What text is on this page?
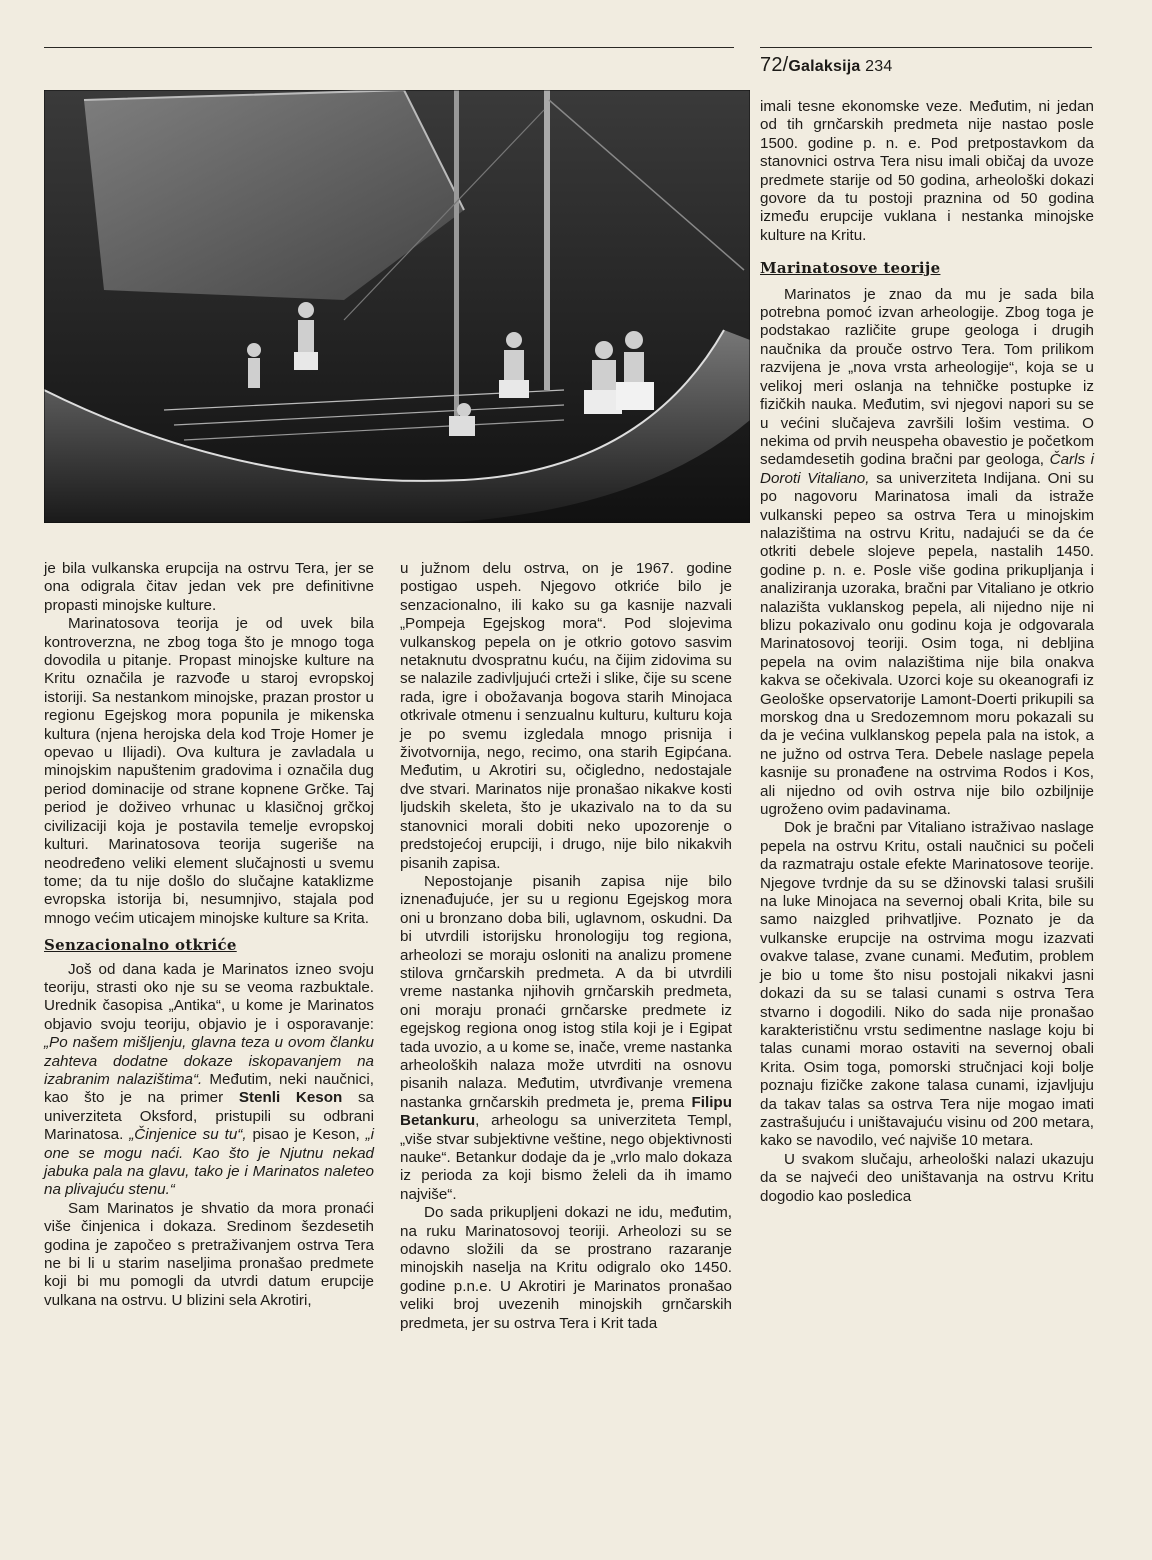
72/Galaksija 234

je bila vulkanska erupcija na ostrvu Tera, jer se ona odigrala čitav jedan vek pre definitivne propasti minojske kulture.

Marinatosova teorija je od uvek bila kontroverzna, ne zbog toga što je mnogo toga dovodila u pitanje. Propast minojske kulture na Kritu označila je razvođe u staroj evropskoj istoriji. Sa nestankom minojske, prazan prostor u regionu Egejskog mora popunila je mikenska kultura (njena herojska dela kod Troje Homer je opevao u Ilijadi). Ova kultura je zavladala u minojskim napuštenim gradovima i označila dug period dominacije od strane kopnene Grčke. Taj period je doživeo vrhunac u klasičnoj grčkoj civilizaciji koja je postavila temelje evropskoj kulturi. Marinatosova teorija sugeriše na neodređeno veliki element slučajnosti u svemu tome; da tu nije došlo do slučajne kataklizme evropska istorija bi, nesumnjivo, stajala pod mnogo većim uticajem minojske kulture sa Krita.

Senzacionalno otkriće

Još od dana kada je Marinatos izneo svoju teoriju, strasti oko nje su se veoma razbuktale. Urednik časopisa „Antika“, u kome je Marinatos objavio svoju teoriju, objavio je i osporavanje: „Po našem mišljenju, glavna teza u ovom članku zahteva dodatne dokaze iskopavanjem na izabranim nalazištima“. Međutim, neki naučnici, kao što je na primer Stenli Keson sa univerziteta Oksford, pristupili su odbrani Marinatosa. „Činjenice su tu“, pisao je Keson, „i one se mogu naći. Kao što je Njutnu nekad jabuka pala na glavu, tako je i Marinatos naleteo na plivajuću stenu.“

Sam Marinatos je shvatio da mora pronaći više činjenica i dokaza. Sredinom šezdesetih godina je započeo s pretraživanjem ostrva Tera ne bi li u starim naseljima pronašao predmete koji bi mu pomogli da utvrdi datum erupcije vulkana na ostrvu. U blizini sela Akrotiri,

u južnom delu ostrva, on je 1967. godine postigao uspeh. Njegovo otkriće bilo je senzacionalno, ili kako su ga kasnije nazvali „Pompeja Egejskog mora“. Pod slojevima vulkanskog pepela on je otkrio gotovo sasvim netaknutu dvospratnu kuću, na čijim zidovima su se nalazile zadivljujući crteži i slike, čije su scene rada, igre i obožavanja bogova starih Minojaca otkrivale otmenu i senzualnu kulturu, kulturu koja je po svemu izgledala mnogo prisnija i životvornija, nego, recimo, ona starih Egipćana. Međutim, u Akrotiri su, očigledno, nedostajale dve stvari. Marinatos nije pronašao nikakve kosti ljudskih skeleta, što je ukazivalo na to da su stanovnici morali dobiti neko upozorenje o predstojećoj erupciji, i drugo, nije bilo nikakvih pisanih zapisa.

Nepostojanje pisanih zapisa nije bilo iznenađujuće, jer su u regionu Egejskog mora oni u bronzano doba bili, uglavnom, oskudni. Da bi utvrdili istorijsku hronologiju tog regiona, arheolozi se moraju osloniti na analizu promene stilova grnčarskih predmeta. A da bi utvrdili vreme nastanka njihovih grnčarskih predmeta, oni moraju pronaći grnčarske predmete iz egejskog regiona onog istog stila koji je i Egipat tada uvozio, a u kome se, inače, vreme nastanka arheoloških nalaza može utvrditi na osnovu pisanih nalaza. Međutim, utvrđivanje vremena nastanka grnčarskih predmeta je, prema Filipu Betankuru, arheologu sa univerziteta Templ, „više stvar subjektivne veštine, nego objektivnosti nauke“. Betankur dodaje da je „vrlo malo dokaza iz perioda za koji bismo želeli da ih imamo najviše“.

Do sada prikupljeni dokazi ne idu, međutim, na ruku Marinatosovoj teoriji. Arheolozi su se odavno složili da se prostrano razaranje minojskih naselja na Kritu odigralo oko 1450. godine p.n.e. U Akrotiri je Marinatos pronašao veliki broj uvezenih minojskih grnčarskih predmeta, jer su ostrva Tera i Krit tada

imali tesne ekonomske veze. Međutim, ni jedan od tih grnčarskih predmeta nije nastao posle 1500. godine p. n. e. Pod pretpostavkom da stanovnici ostrva Tera nisu imali običaj da uvoze predmete starije od 50 godina, arheološki dokazi govore da tu postoji praznina od 50 godina između erupcije vuklana i nestanka minojske kulture na Kritu.

Marinatosove teorije

Marinatos je znao da mu je sada bila potrebna pomoć izvan arheologije. Zbog toga je podstakao različite grupe geologa i drugih naučnika da prouče ostrvo Tera. Tom prilikom razvijena je „nova vrsta arheologije“, koja se u velikoj meri oslanja na tehničke postupke iz fizičkih nauka. Međutim, svi njegovi napori su se u većini slučajeva završili lošim vestima. O nekima od prvih neuspeha obavestio je početkom sedamdesetih godina bračni par geologa, Čarls i Doroti Vitaliano, sa univerziteta Indijana. Oni su po nagovoru Marinatosa imali da istraže vulkanski pepeo sa ostrva Tera u minojskim nalazištima na ostrvu Kritu, nadajući se da će otkriti debele slojeve pepela, nastalih 1450. godine p. n. e. Posle više godina prikupljanja i analiziranja uzoraka, bračni par Vitaliano je otkrio nalazišta vuklanskog pepela, ali nijedno nije ni blizu pokazivalo onu godinu koja je odgovarala Marinatosovoj teoriji. Osim toga, ni debljina pepela na ovim nalazištima nije bila onakva kakva se očekivala. Uzorci koje su okeanografi iz Geološke opservatorije Lamont-Doerti prikupili sa morskog dna u Sredozemnom moru pokazali su da je većina vulklanskog pepela pala na istok, a ne južno od ostrva Tera. Debele naslage pepela kasnije su pronađene na ostrvima Rodos i Kos, ali nijedno od ovih ostrva nije bilo ozbiljnije ugroženo ovim padavinama.

Dok je bračni par Vitaliano istraživao naslage pepela na ostrvu Kritu, ostali naučnici su počeli da razmatraju ostale efekte Marinatosove teorije. Njegove tvrdnje da su se džinovski talasi srušili na luke Minojaca na severnoj obali Krita, bile su samo naizgled prihvatljive. Poznato je da vulkanske erupcije na ostrvima mogu izazvati ovakve talase, zvane cunami. Međutim, problem je bio u tome što nisu postojali nikakvi jasni dokazi da su se talasi cunami s ostrva Tera stvarno i dogodili. Niko do sada nije pronašao karakterističnu vrstu sedimentne naslage koju bi talas cunami morao ostaviti na severnoj obali Krita. Osim toga, pomorski stručnjaci koji bolje poznaju fizičke zakone talasa cunami, izjavljuju da takav talas sa ostrva Tera nije mogao imati zastrašujuću i uništavajuću visinu od 200 metara, kako se navodilo, već najviše 10 metara.

U svakom slučaju, arheološki nalazi ukazuju da se najveći deo uništavanja na ostrvu Kritu dogodio kao posledica
